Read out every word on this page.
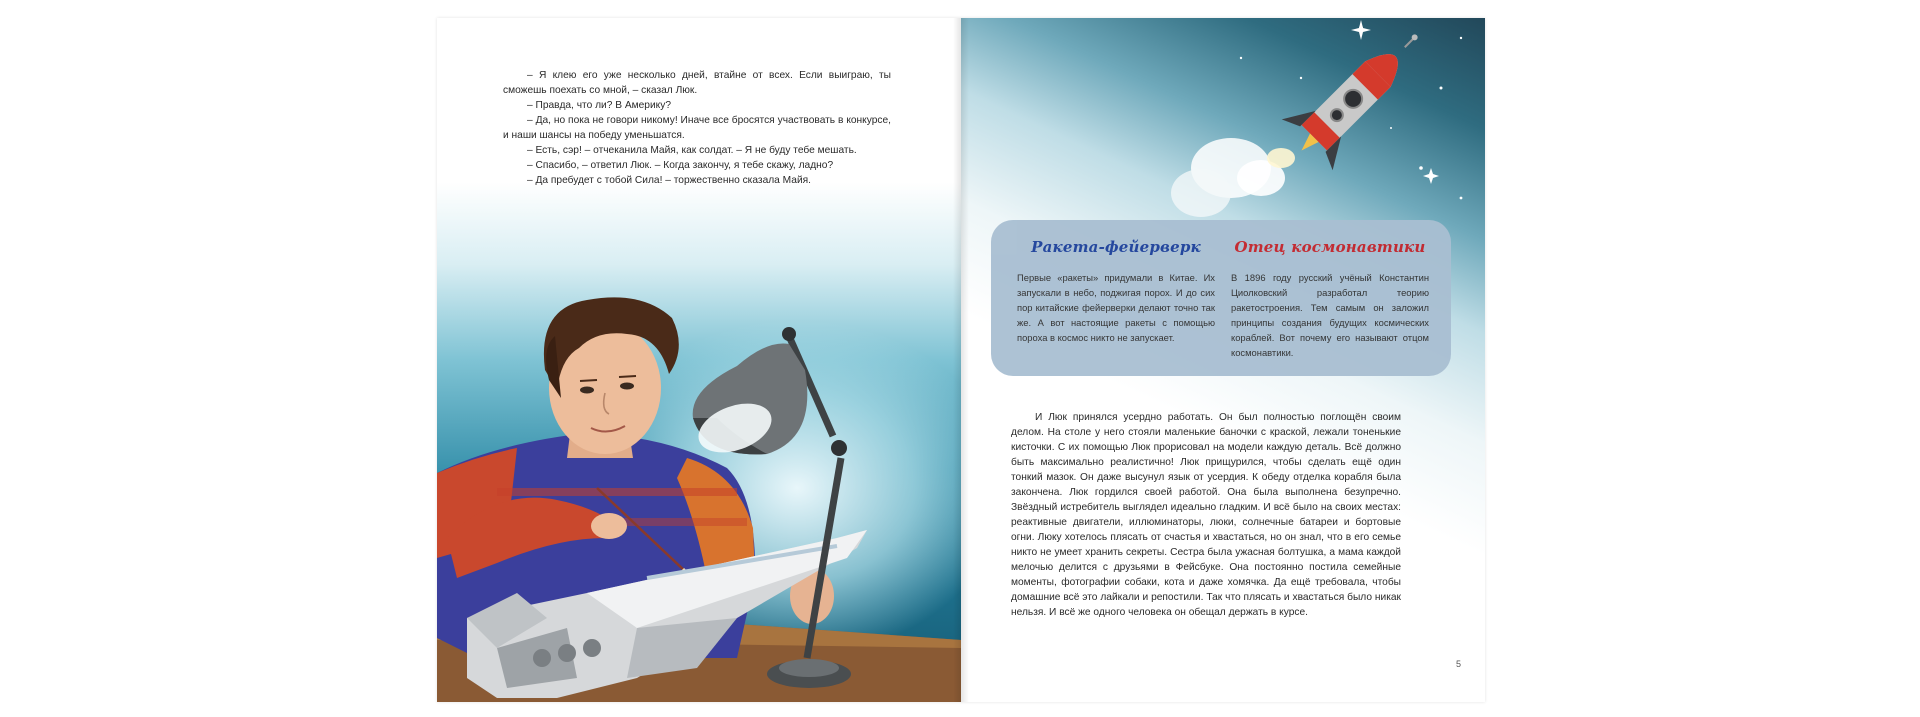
– Я клею его уже несколько дней, втайне от всех. Если выиграю, ты сможешь поехать со мной, – сказал Люк.

– Правда, что ли? В Америку?

– Да, но пока не говори никому! Иначе все бросятся участвовать в конкурсе, и наши шансы на победу уменьшатся.

– Есть, сэр! – отчеканила Майя, как солдат. – Я не буду тебе мешать.

– Спасибо, – ответил Люк. – Когда закончу, я тебе скажу, ладно?

– Да пребудет с тобой Сила! – торжественно сказала Майя.

Ракета-фейерверк
Первые «ракеты» придумали в Китае. Их запускали в небо, поджигая порох. И до сих пор китайские фейерверки делают точно так же. А вот настоящие ракеты с помощью пороха в космос никто не запускает.
Отец космонавтики
В 1896 году русский учёный Константин Циолковский разработал теорию ракетостроения. Тем самым он заложил принципы создания будущих космических кораблей. Вот почему его называют отцом космонавтики.
И Люк принялся усердно работать. Он был полностью поглощён своим делом. На столе у него стояли маленькие баночки с краской, лежали тоненькие кисточки. С их помощью Люк прорисовал на модели каждую деталь. Всё должно быть максимально реалистично! Люк прищурился, чтобы сделать ещё один тонкий мазок. Он даже высунул язык от усердия. К обеду отделка корабля была закончена. Люк гордился своей работой. Она была выполнена безупречно. Звёздный истребитель выглядел идеально гладким. И всё было на своих местах: реактивные двигатели, иллюминаторы, люки, солнечные батареи и бортовые огни. Люку хотелось плясать от счастья и хвастаться, но он знал, что в его семье никто не умеет хранить секреты. Сестра была ужасная болтушка, а мама каждой мелочью делится с друзьями в Фейсбуке. Она постоянно постила семейные моменты, фотографии собаки, кота и даже хомячка. Да ещё требовала, чтобы домашние всё это лайкали и репостили. Так что плясать и хвастаться было никак нельзя. И всё же одного человека он обещал держать в курсе.
5
